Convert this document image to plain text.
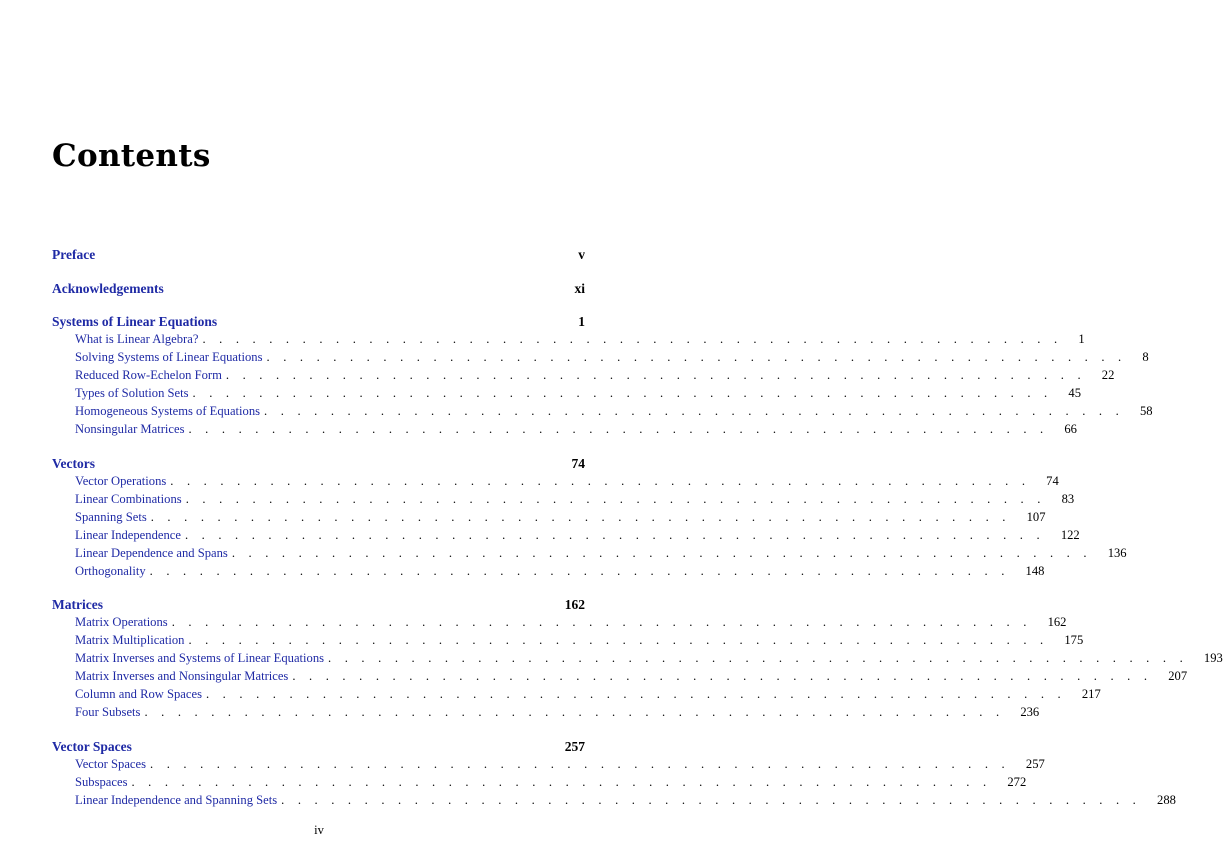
Contents
Preface	v
Acknowledgements	xi
Systems of Linear Equations	1
What is Linear Algebra? . . . . . . . . . . . . . . . . . . . . . . . . . . . . . . . . . . . . . . . . . . . . . . . . . . . . 1
Solving Systems of Linear Equations . . . . . . . . . . . . . . . . . . . . . . . . . . . . . . . . . . . . . . . . . . . . . . . . . . . . 8
Reduced Row-Echelon Form . . . . . . . . . . . . . . . . . . . . . . . . . . . . . . . . . . . . . . . . . . . . . . . . . . . . 22
Types of Solution Sets . . . . . . . . . . . . . . . . . . . . . . . . . . . . . . . . . . . . . . . . . . . . . . . . . . . . 45
Homogeneous Systems of Equations . . . . . . . . . . . . . . . . . . . . . . . . . . . . . . . . . . . . . . . . . . . . . . . . . . . . 58
Nonsingular Matrices . . . . . . . . . . . . . . . . . . . . . . . . . . . . . . . . . . . . . . . . . . . . . . . . . . . . 66
Vectors	74
Vector Operations . . . . . . . . . . . . . . . . . . . . . . . . . . . . . . . . . . . . . . . . . . . . . . . . . . . . 74
Linear Combinations . . . . . . . . . . . . . . . . . . . . . . . . . . . . . . . . . . . . . . . . . . . . . . . . . . . . 83
Spanning Sets . . . . . . . . . . . . . . . . . . . . . . . . . . . . . . . . . . . . . . . . . . . . . . . . . . . . 107
Linear Independence . . . . . . . . . . . . . . . . . . . . . . . . . . . . . . . . . . . . . . . . . . . . . . . . . . . . 122
Linear Dependence and Spans . . . . . . . . . . . . . . . . . . . . . . . . . . . . . . . . . . . . . . . . . . . . . . . . . . . . 136
Orthogonality . . . . . . . . . . . . . . . . . . . . . . . . . . . . . . . . . . . . . . . . . . . . . . . . . . . . 148
Matrices	162
Matrix Operations . . . . . . . . . . . . . . . . . . . . . . . . . . . . . . . . . . . . . . . . . . . . . . . . . . . . 162
Matrix Multiplication . . . . . . . . . . . . . . . . . . . . . . . . . . . . . . . . . . . . . . . . . . . . . . . . . . . . 175
Matrix Inverses and Systems of Linear Equations . . . . . . . . . . . . . . . . . . . . . . . . . . . . . . . . . . . . . . . . . . . . . . . . . . . . 193
Matrix Inverses and Nonsingular Matrices . . . . . . . . . . . . . . . . . . . . . . . . . . . . . . . . . . . . . . . . . . . . . . . . . . . . 207
Column and Row Spaces . . . . . . . . . . . . . . . . . . . . . . . . . . . . . . . . . . . . . . . . . . . . . . . . . . . . 217
Four Subsets . . . . . . . . . . . . . . . . . . . . . . . . . . . . . . . . . . . . . . . . . . . . . . . . . . . . 236
Vector Spaces	257
Vector Spaces . . . . . . . . . . . . . . . . . . . . . . . . . . . . . . . . . . . . . . . . . . . . . . . . . . . . 257
Subspaces . . . . . . . . . . . . . . . . . . . . . . . . . . . . . . . . . . . . . . . . . . . . . . . . . . . . 272
Linear Independence and Spanning Sets . . . . . . . . . . . . . . . . . . . . . . . . . . . . . . . . . . . . . . . . . . . . . . . . . . . . 288
iv
